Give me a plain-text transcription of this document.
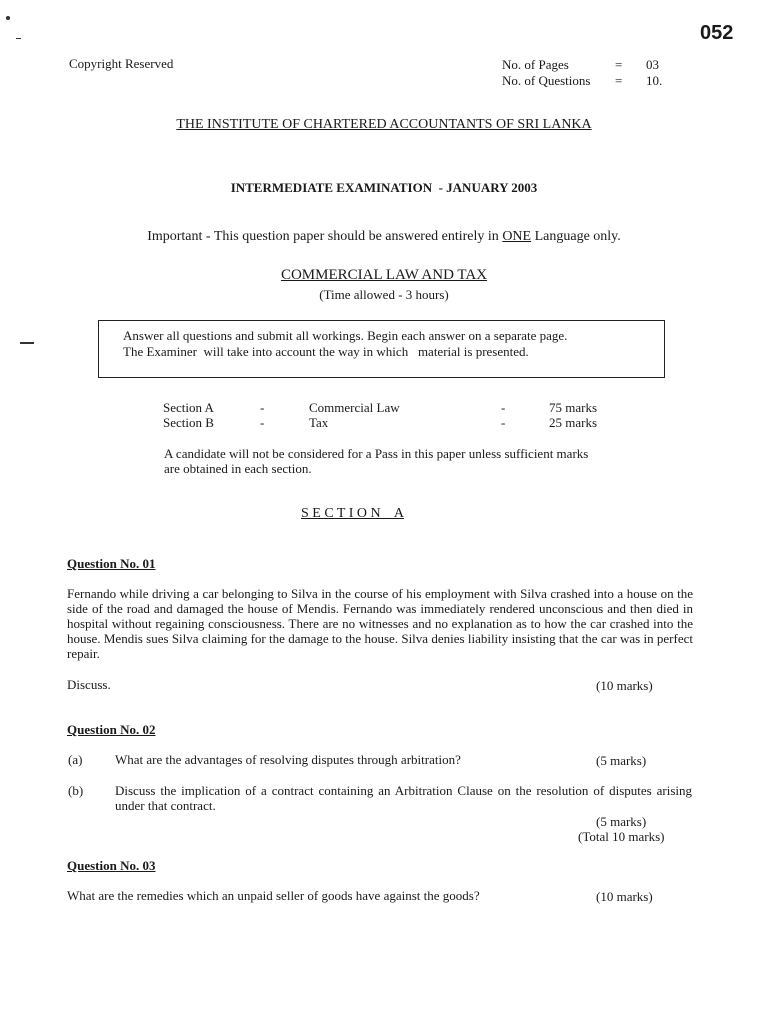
052
Copyright Reserved	No. of Pages	= 03
No. of Questions = 10.
THE INSTITUTE OF CHARTERED ACCOUNTANTS OF SRI LANKA
INTERMEDIATE EXAMINATION  - JANUARY 2003
Important - This question paper should be answered entirely in ONE Language only.
COMMERCIAL LAW AND TAX
(Time allowed - 3 hours)
Answer all questions and submit all workings. Begin each answer on a separate page.
The Examiner  will take into account the way in which   material is presented.
Section A	-	Commercial Law	-	75 marks
Section B	-	Tax	-	25 marks
A candidate will not be considered for a Pass in this paper unless sufficient marks
are obtained in each section.
S E C T I O N    A
Question No. 01
Fernando while driving a car belonging to Silva in the course of his employment with Silva crashed into a house on the side of the road and damaged the house of Mendis. Fernando was immediately rendered unconscious and then died in hospital without regaining consciousness. There are no witnesses and no explanation as to how the car crashed into the house. Mendis sues Silva claiming for the damage to the house. Silva denies liability insisting that the car was in perfect repair.
Discuss.	(10 marks)
Question No. 02
(a)	What are the advantages of resolving disputes through arbitration?	(5 marks)
(b) Discuss the implication of a contract containing an Arbitration Clause on the resolution of disputes arising under that contract.
(5 marks)
(Total 10 marks)
Question No. 03
What are the remedies which an unpaid seller of goods have against the goods?	(10 marks)
